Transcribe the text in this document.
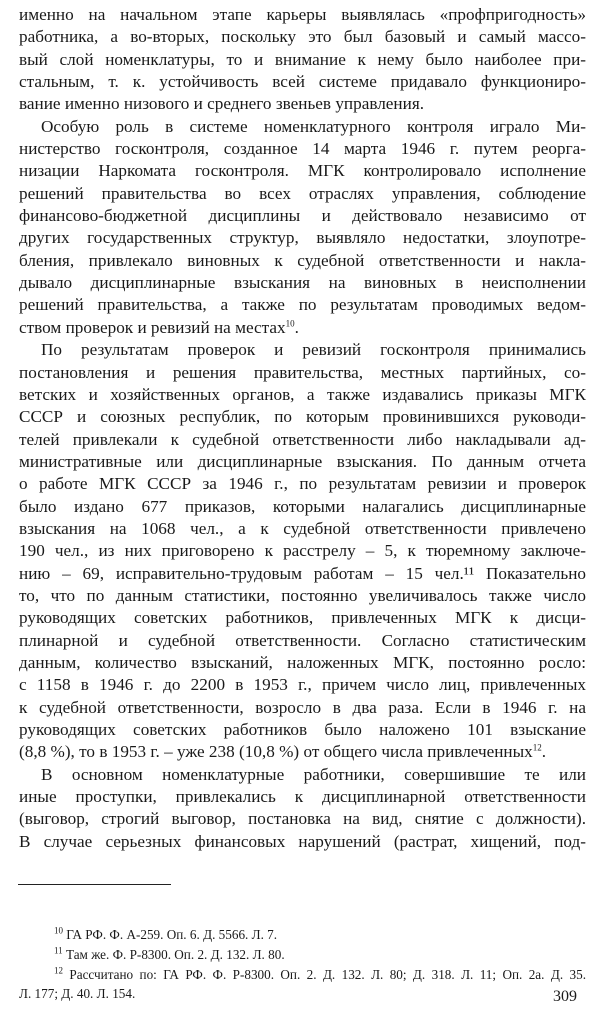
именно на начальном этапе карьеры выявлялась «профпригодность»
работника, а во-вторых, поскольку это был базовый и самый массо-
вый слой номенклатуры, то и внимание к нему было наиболее при-
стальным, т. к. устойчивость всей системе придавало функциониро-
вание именно низового и среднего звеньев управления.
Особую роль в системе номенклатурного контроля играло Ми-
нистерство госконтроля, созданное 14 марта 1946 г. путем реорга-
низации Наркомата госконтроля. МГК контролировало исполнение
решений правительства во всех отраслях управления, соблюдение
финансово-бюджетной дисциплины и действовало независимо от
других государственных структур, выявляло недостатки, злоупотре-
бления, привлекало виновных к судебной ответственности и накла-
дывало дисциплинарные взыскания на виновных в неисполнении
решений правительства, а также по результатам проводимых ведом-
ством проверок и ревизий на местах$^{10}$.
По результатам проверок и ревизий госконтроля принимались
постановления и решения правительства, местных партийных, со-
ветских и хозяйственных органов, а также издавались приказы МГК
СССР и союзных республик, по которым провинившихся руководи-
телей привлекали к судебной ответственности либо накладывали ад-
министративные или дисциплинарные взыскания. По данным отчета
о работе МГК СССР за 1946 г., по результатам ревизии и проверок
было издано 677 приказов, которыми налагались дисциплинарные
взыскания на 1068 чел., а к судебной ответственности привлечено
190 чел., из них приговорено к расстрелу – 5, к тюремному заключе-
нию – 69, исправительно-трудовым работам – 15 чел.¹¹ Показательно
то, что по данным статистики, постоянно увеличивалось также число
руководящих советских работников, привлеченных МГК к дисци-
плинарной и судебной ответственности. Согласно статистическим
данным, количество взысканий, наложенных МГК, постоянно росло:
с 1158 в 1946 г. до 2200 в 1953 г., причем число лиц, привлеченных
к судебной ответственности, возросло в два раза. Если в 1946 г. на
руководящих советских работников было наложено 101 взыскание
(8,8 %), то в 1953 г. – уже 238 (10,8 %) от общего числа привлеченных$^{12}$.
В основном номенклатурные работники, совершившие те или
иные проступки, привлекались к дисциплинарной ответственности
(выговор, строгий выговор, постановка на вид, снятие с должности).
В случае серьезных финансовых нарушений (растрат, хищений, под-
$^{10}$ ГА РФ. Ф. А-259. Оп. 6. Д. 5566. Л. 7.
$^{11}$ Там же. Ф. Р-8300. Оп. 2. Д. 132. Л. 80.
$^{12}$ Рассчитано по: ГА РФ. Ф. Р-8300. Оп. 2. Д. 132. Л. 80; Д. 318. Л. 11; Оп. 2а. Д. 35.
Л. 177; Д. 40. Л. 154.	309
